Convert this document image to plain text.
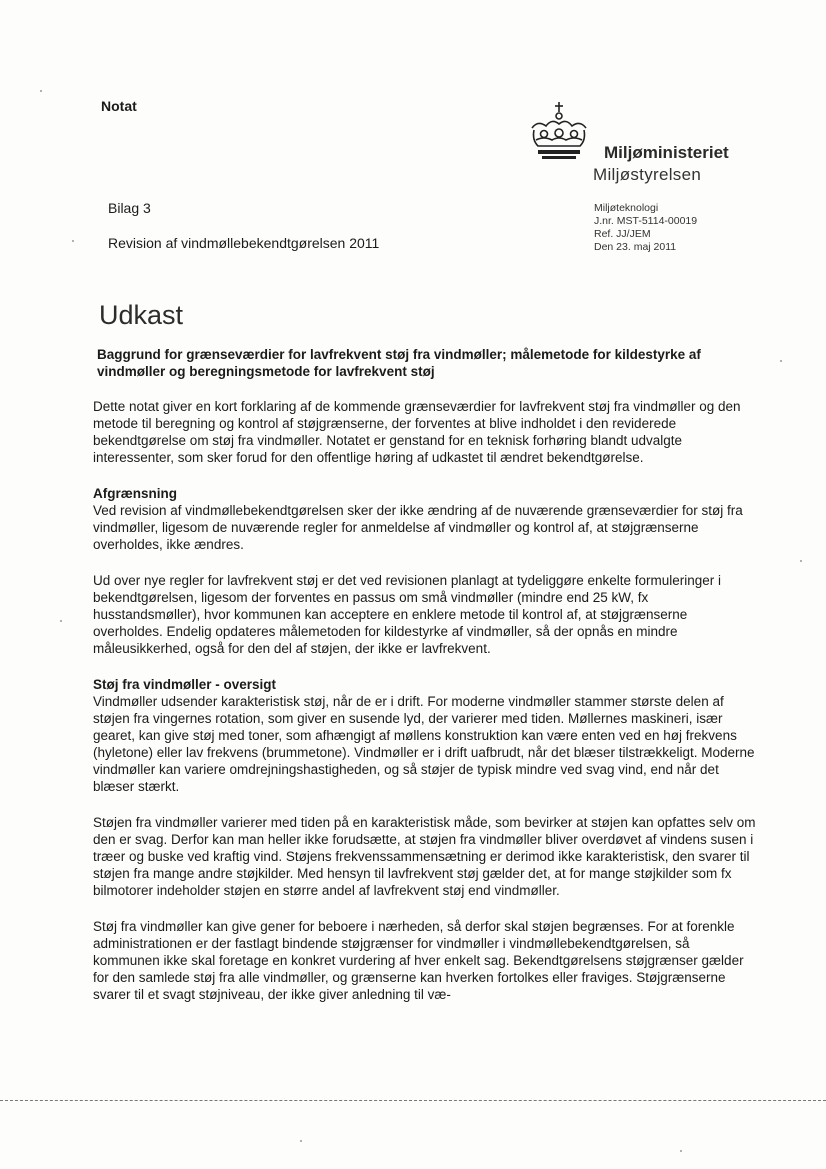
Notat
Miljøministeriet
Miljøstyrelsen
Miljøteknologi
J.nr. MST-5114-00019
Ref. JJ/JEM
Den 23. maj 2011
Bilag 3
Revision af vindmøllebekendtgørelsen 2011
Udkast
Baggrund for grænseværdier for lavfrekvent støj fra vindmøller; målemetode for kildestyrke af vindmøller og beregningsmetode for lavfrekvent støj

Dette notat giver en kort forklaring af de kommende grænseværdier for lavfrekvent støj fra vindmøller og den metode til beregning og kontrol af støjgrænserne, der forventes at blive indholdet i den reviderede bekendtgørelse om støj fra vindmøller. Notatet er genstand for en teknisk forhøring blandt udvalgte interessenter, som sker forud for den offentlige høring af udkastet til ændret bekendtgørelse.

Afgrænsning

Ved revision af vindmøllebekendtgørelsen sker der ikke ændring af de nuværende grænseværdier for støj fra vindmøller, ligesom de nuværende regler for anmeldelse af vindmøller og kontrol af, at støjgrænserne overholdes, ikke ændres.

Ud over nye regler for lavfrekvent støj er det ved revisionen planlagt at tydeliggøre enkelte formuleringer i bekendtgørelsen, ligesom der forventes en passus om små vindmøller (mindre end 25 kW, fx husstandsmøller), hvor kommunen kan acceptere en enklere metode til kontrol af, at støjgrænserne overholdes. Endelig opdateres målemetoden for kildestyrke af vindmøller, så der opnås en mindre måleusikkerhed, også for den del af støjen, der ikke er lavfrekvent.

Støj fra vindmøller - oversigt

Vindmøller udsender karakteristisk støj, når de er i drift. For moderne vindmøller stammer største delen af støjen fra vingernes rotation, som giver en susende lyd, der varierer med tiden. Møllernes maskineri, især gearet, kan give støj med toner, som afhængigt af møllens konstruktion kan være enten ved en høj frekvens (hyletone) eller lav frekvens (brummetone). Vindmøller er i drift uafbrudt, når det blæser tilstrækkeligt. Moderne vindmøller kan variere omdrejningshastigheden, og så støjer de typisk mindre ved svag vind, end når det blæser stærkt.

Støjen fra vindmøller varierer med tiden på en karakteristisk måde, som bevirker at støjen kan opfattes selv om den er svag. Derfor kan man heller ikke forudsætte, at støjen fra vindmøller bliver overdøvet af vindens susen i træer og buske ved kraftig vind. Støjens frekvenssammensætning er derimod ikke karakteristisk, den svarer til støjen fra mange andre støjkilder. Med hensyn til lavfrekvent støj gælder det, at for mange støjkilder som fx bilmotorer indeholder støjen en større andel af lavfrekvent støj end vindmøller.

Støj fra vindmøller kan give gener for beboere i nærheden, så derfor skal støjen begrænses. For at forenkle administrationen er der fastlagt bindende støjgrænser for vindmøller i vindmøllebekendtgørelsen, så kommunen ikke skal foretage en konkret vurdering af hver enkelt sag. Bekendtgørelsens støjgrænser gælder for den samlede støj fra alle vindmøller, og grænserne kan hverken fortolkes eller fraviges. Støjgrænserne svarer til et svagt støjniveau, der ikke giver anledning til væ-
